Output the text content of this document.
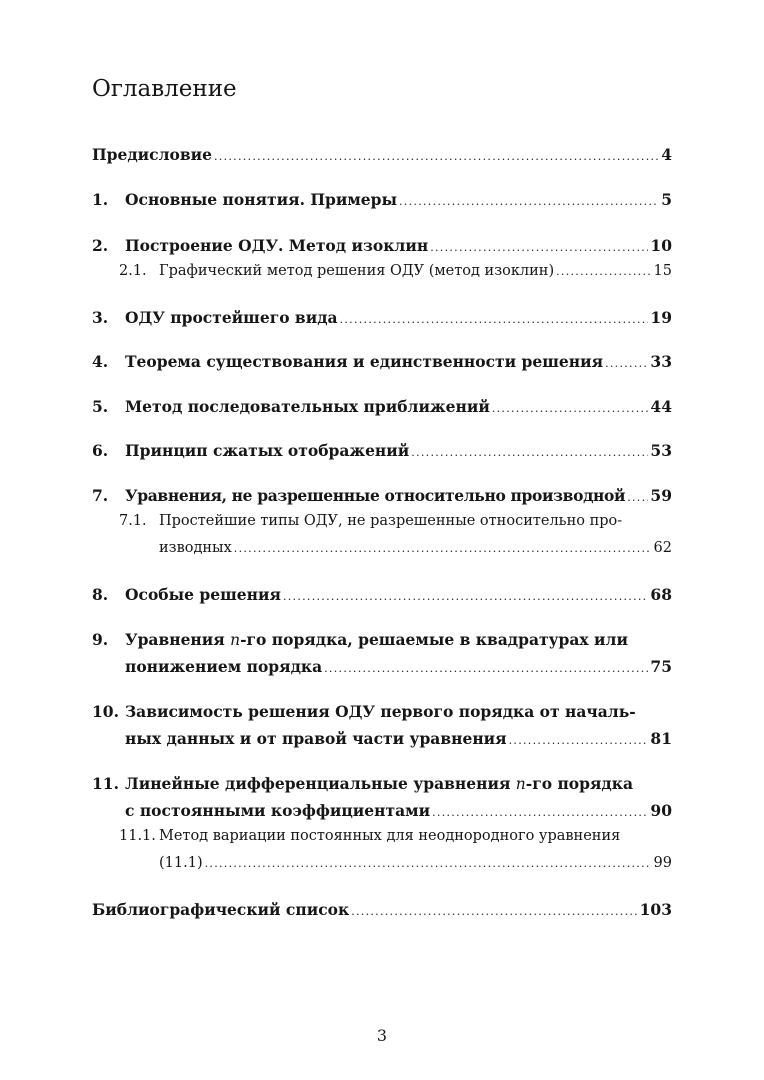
Оглавление
Предисловие .....	4
1.	Основные понятия. Примеры .....	5
2.	Построение ОДУ. Метод изоклин .....	10
2.1. Графический метод решения ОДУ (метод изоклин) .....	15
3.	ОДУ простейшего вида .....	19
4.	Теорема существования и единственности решения .....	33
5.	Метод последовательных приближений .....	44
6.	Принцип сжатых отображений .....	53
7.	Уравнения, не разрешенные относительно производной ..... 59
7.1. Простейшие типы ОДУ, не разрешенные относительно про-
изводных .....	62
8.	Особые решения .....	68
9. Уравнения n-го порядка, решаемые в квадратурах или
понижением порядка .....	75
10. Зависимость решения ОДУ первого порядка от началь-
ных данных и от правой части уравнения .....	81
11. Линейные дифференциальные уравнения n-го порядка
с постоянными коэффициентами .....	90
11.1. Метод вариации постоянных для неоднородного уравнения
(11.1) .....	99
Библиографический список .....	103
3
